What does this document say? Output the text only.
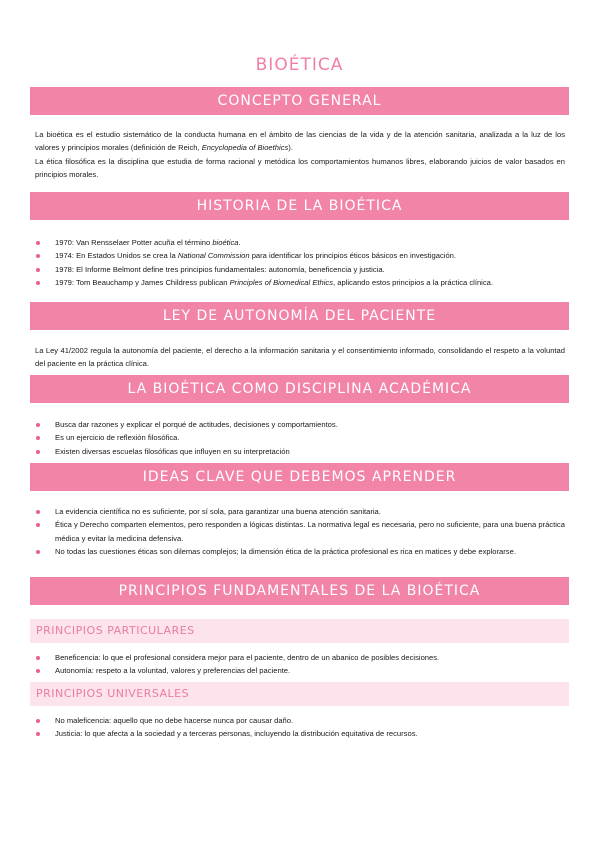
BIOÉTICA
CONCEPTO GENERAL

La bioética es el estudio sistemático de la conducta humana en el ámbito de las ciencias de la vida y de la atención sanitaria, analizada a la luz de los valores y principios morales (definición de Reich, Encyclopedia of Bioethics).

La ética filosófica es la disciplina que estudia de forma racional y metódica los comportamientos humanos libres, elaborando juicios de valor basados en principios morales.

HISTORIA DE LA BIOÉTICA
1970: Van Rensselaer Potter acuña el término bioética.
1974: En Estados Unidos se crea la National Commission para identificar los principios éticos básicos en investigación.
1978: El Informe Belmont define tres principios fundamentales: autonomía, beneficencia y justicia.
1979: Tom Beauchamp y James Childress publican Principles of Biomedical Ethics, aplicando estos principios a la práctica clínica.
LEY DE AUTONOMÍA DEL PACIENTE

La Ley 41/2002 regula la autonomía del paciente, el derecho a la información sanitaria y el consentimiento informado, consolidando el respeto a la voluntad del paciente en la práctica clínica.

LA BIOÉTICA COMO DISCIPLINA ACADÉMICA
Busca dar razones y explicar el porqué de actitudes, decisiones y comportamientos.
Es un ejercicio de reflexión filosófica.
Existen diversas escuelas filosóficas que influyen en su interpretación
IDEAS CLAVE QUE DEBEMOS APRENDER
La evidencia científica no es suficiente, por sí sola, para garantizar una buena atención sanitaria.
Ética y Derecho comparten elementos, pero responden a lógicas distintas. La normativa legal es necesaria, pero no suficiente, para una buena práctica médica y evitar la medicina defensiva.
No todas las cuestiones éticas son dilemas complejos; la dimensión ética de la práctica profesional es rica en matices y debe explorarse.
PRINCIPIOS FUNDAMENTALES DE LA BIOÉTICA
PRINCIPIOS PARTICULARES
Beneficencia: lo que el profesional considera mejor para el paciente, dentro de un abanico de posibles decisiones.
Autonomía: respeto a la voluntad, valores y preferencias del paciente.
PRINCIPIOS UNIVERSALES
No maleficencia: aquello que no debe hacerse nunca por causar daño.
Justicia: lo que afecta a la sociedad y a terceras personas, incluyendo la distribución equitativa de recursos.
